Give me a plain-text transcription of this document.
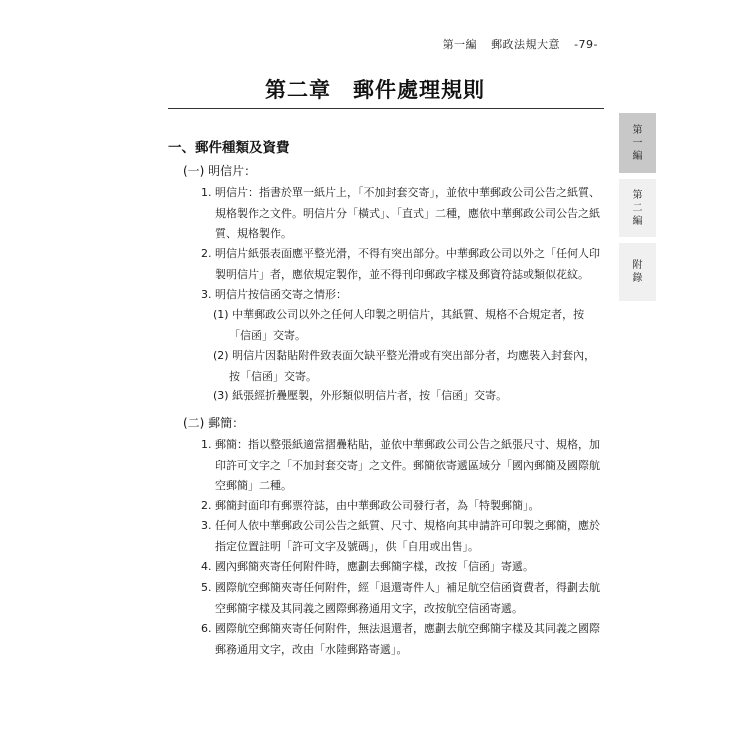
第一編 郵政法規大意 -79-
第二章 郵件處理規則
第
一
編
第
二
編
附
錄
一、郵件種類及資費
(一) 明信片：
1. 明信片：指書於單一紙片上，「不加封套交寄」，並依中華郵政公司公告之紙質、規格製作之文件。明信片分「橫式」、「直式」二種，應依中華郵政公司公告之紙質、規格製作。
2. 明信片紙張表面應平整光滑，不得有突出部分。中華郵政公司以外之「任何人印製明信片」者，應依規定製作，並不得刊印郵政字樣及郵資符誌或類似花紋。
3. 明信片按信函交寄之情形：
(1) 中華郵政公司以外之任何人印製之明信片，其紙質、規格不合規定者，按「信函」交寄。
(2) 明信片因黏貼附件致表面欠缺平整光滑或有突出部分者，均應裝入封套內，按「信函」交寄。
(3) 紙張經折疊壓製，外形類似明信片者，按「信函」交寄。
(二) 郵簡：
1. 郵簡：指以整張紙適當摺疊粘貼，並依中華郵政公司公告之紙張尺寸、規格，加印許可文字之「不加封套交寄」之文件。郵簡依寄遞區域分「國內郵簡及國際航空郵簡」二種。
2. 郵簡封面印有郵票符誌，由中華郵政公司發行者，為「特製郵簡」。
3. 任何人依中華郵政公司公告之紙質、尺寸、規格向其申請許可印製之郵簡，應於指定位置註明「許可文字及號碼」，供「自用或出售」。
4. 國內郵簡夾寄任何附件時，應劃去郵簡字樣，改按「信函」寄遞。
5. 國際航空郵簡夾寄任何附件，經「退還寄件人」補足航空信函資費者，得劃去航空郵簡字樣及其同義之國際郵務通用文字，改按航空信函寄遞。
6. 國際航空郵簡夾寄任何附件，無法退還者，應劃去航空郵簡字樣及其同義之國際郵務通用文字，改由「水陸郵路寄遞」。
